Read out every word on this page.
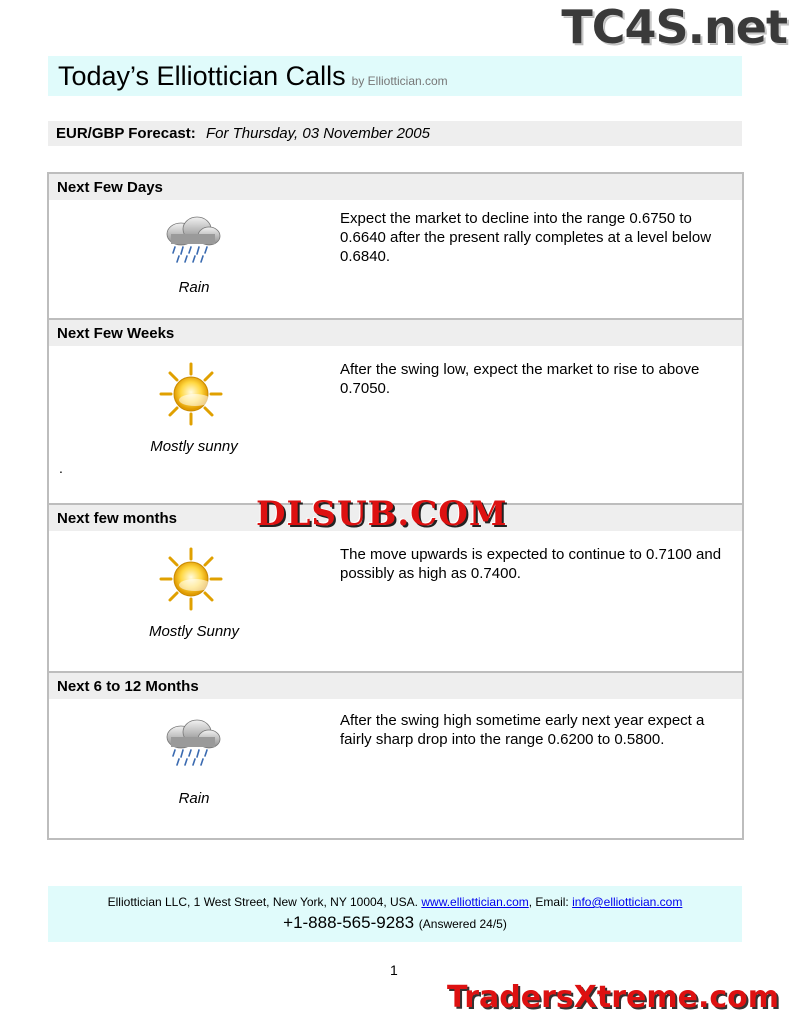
TC4S.net
Today’s Elliottician Calls by Elliottician.com
EUR/GBP Forecast: For Thursday, 03 November 2005
Next Few Days
Rain
Expect the market to decline into the range 0.6750 to 0.6640 after the present rally completes at a level below 0.6840.
Next Few Weeks
Mostly sunny
After the swing low, expect the market to rise to above 0.7050.
.
Next few months
Mostly Sunny
The move upwards is expected to continue to 0.7100 and possibly as high as 0.7400.
Next 6 to 12 Months
Rain
After the swing high sometime early next year expect a fairly sharp drop into the range 0.6200 to 0.5800.
DLSUB.COM
Elliottician LLC, 1 West Street, New York, NY 10004, USA. www.elliottician.com, Email: info@elliottician.com
+1-888-565-9283 (Answered 24/5)
1
TradersXtreme.com
